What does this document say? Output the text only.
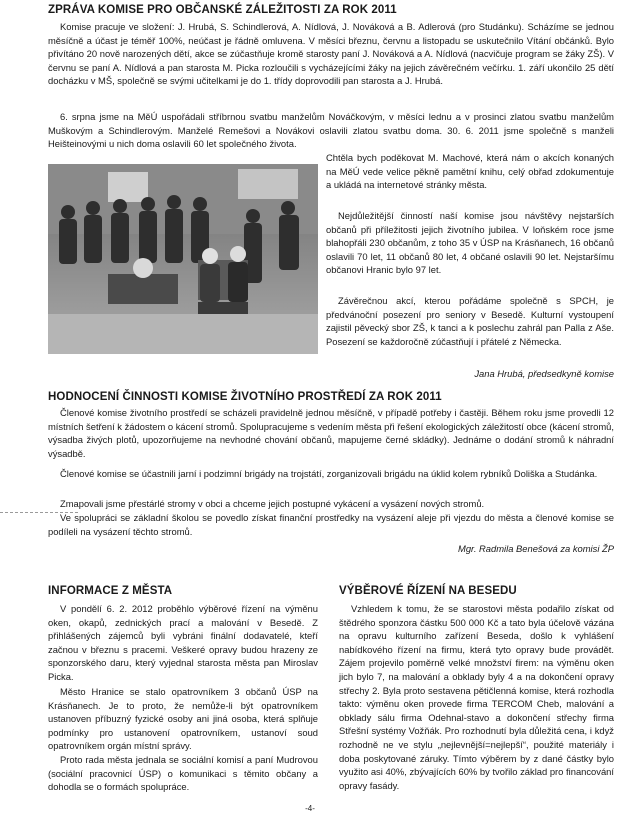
ZPRÁVA KOMISE PRO OBČANSKÉ ZÁLEŽITOSTI ZA ROK 2011

Komise pracuje ve složení: J. Hrubá, S. Schindlerová, A. Nídlová, J. Nováková a B. Adlerová (pro Studánku). Scházíme se jednou měsíčně a účast je téměř 100%, neúčast je řádně omluvena. V měsíci březnu, červnu a listopadu se uskutečnilo Vítání občánků. Bylo přivítáno 20 nově narozených dětí, akce se zúčastňuje kromě starosty paní J. Nováková a A. Nídlová (nacvičuje program se žáky ZŠ). V červnu se paní A. Nídlová a pan starosta M. Picka rozloučili s vycházejícími žáky na jejich závěrečném večírku. 1. září ukončilo 25 dětí docházku v MŠ, společně se svými učitelkami je do 1. třídy doprovodili pan starosta a J. Hrubá.

6. srpna jsme na MěÚ uspořádali stříbrnou svatbu manželům Nováčkovým, v měsíci lednu a v prosinci zlatou svatbu manželům Muškovým a Schindlerovým. Manželé Remešovi a Novákovi oslavili zlatou svatbu doma. 30. 6. 2011 jsme společně s manželi Heišteinovými u nich doma oslavili 60 let společného života.

Chtěla bych poděkovat M. Machové, která nám o akcích konaných na MěÚ vede velice pěkně pamětní knihu, celý obřad zdokumentuje a ukládá na internetové stránky města.

Nejdůležitější činností naší komise jsou návštěvy nejstarších občanů při příležitosti jejich životního jubilea. V loňském roce jsme blahopřáli 230 občanům, z toho 35 v ÚSP na Krásňanech, 16 občanů oslavili 70 let, 11 občanů 80 let, 4 občané oslavili 90 let. Nejstaršímu občanovi Hranic bylo 97 let.

Závěrečnou akcí, kterou pořádáme společně s SPCH, je předvánoční posezení pro seniory v Besedě. Kulturní vystoupení zajistil pěvecký sbor ZŠ, k tanci a k poslechu zahrál pan Palla z Aše. Posezení se každoročně zúčastňují i přátelé z Německa.

Jana Hrubá, předsedkyně komise
HODNOCENÍ ČINNOSTI KOMISE ŽIVOTNÍHO PROSTŘEDÍ ZA ROK 2011

Členové komise životního prostředí se scházeli pravidelně jednou měsíčně, v případě potřeby i častěji. Během roku jsme provedli 12 místních šetření k žádostem o kácení stromů. Spolupracujeme s vedením města při řešení ekologických záležitostí obce (kácení stromů, výsadba živých plotů, upozorňujeme na nevhodné chování občanů, mapujeme černé skládky). Jednáme o dodání stromů k náhradní výsadbě.

Členové komise se účastnili jarní i podzimní brigády na trojstátí, zorganizovali brigádu na úklid kolem rybníků Doliška a Studánka.

Zmapovali jsme přestárlé stromy v obci a chceme jejich postupné vykácení a vysázení nových stromů.

Ve spolupráci se základní školou se povedlo získat finanční prostředky na vysázení aleje při vjezdu do města a členové komise se podíleli na vysázení těchto stromů.

Mgr. Radmila Benešová za komisi ŽP
INFORMACE Z MĚSTA

V pondělí 6. 2. 2012 proběhlo výběrové řízení na výměnu oken, okapů, zednických prací a malování v Besedě. Z přihlášených zájemců byli vybráni finální dodavatelé, kteří začnou v březnu s pracemi. Veškeré opravy budou hrazeny ze sponzorského daru, který vyjednal starosta města pan Miroslav Picka.

Město Hranice se stalo opatrovníkem 3 občanů ÚSP na Krásňanech. Je to proto, že nemůže-li být opatrovníkem ustanoven příbuzný fyzické osoby ani jiná osoba, která splňuje podmínky pro ustanovení opatrovníkem, ustanoví soud opatrovníkem orgán místní správy.

Proto rada města jednala se sociální komisí a paní Mudrovou (sociální pracovnicí ÚSP) o komunikaci s těmito občany a dohodla se o formách spolupráce.

VÝBĚROVÉ ŘÍZENÍ NA BESEDU

Vzhledem k tomu, že se starostovi města podařilo získat od štědrého sponzora částku 500 000 Kč a tato byla účelově vázána na opravu kulturního zařízení Beseda, došlo k vyhlášení nabídkového řízení na firmu, která tyto opravy bude provádět. Zájem projevilo poměrně velké množství firem: na výměnu oken jich bylo 7, na malování a obklady byly 4 a na dokončení opravy střechy 2. Byla proto sestavena pětičlenná komise, která rozhodla takto: výměnu oken provede firma TERCOM Cheb, malování a obklady sálu firma Odehnal-stavo a dokončení střechy firma Střešní systémy Vožňák. Pro rozhodnutí byla důležitá cena, i když rozhodně ne ve stylu „nejlevnější=nejlepší“, použité materiály i doba poskytované záruky. Tímto výběrem by z dané částky bylo využito asi 40%, zbývajících 60% by tvořilo základ pro financování opravy fasády.

-4-
